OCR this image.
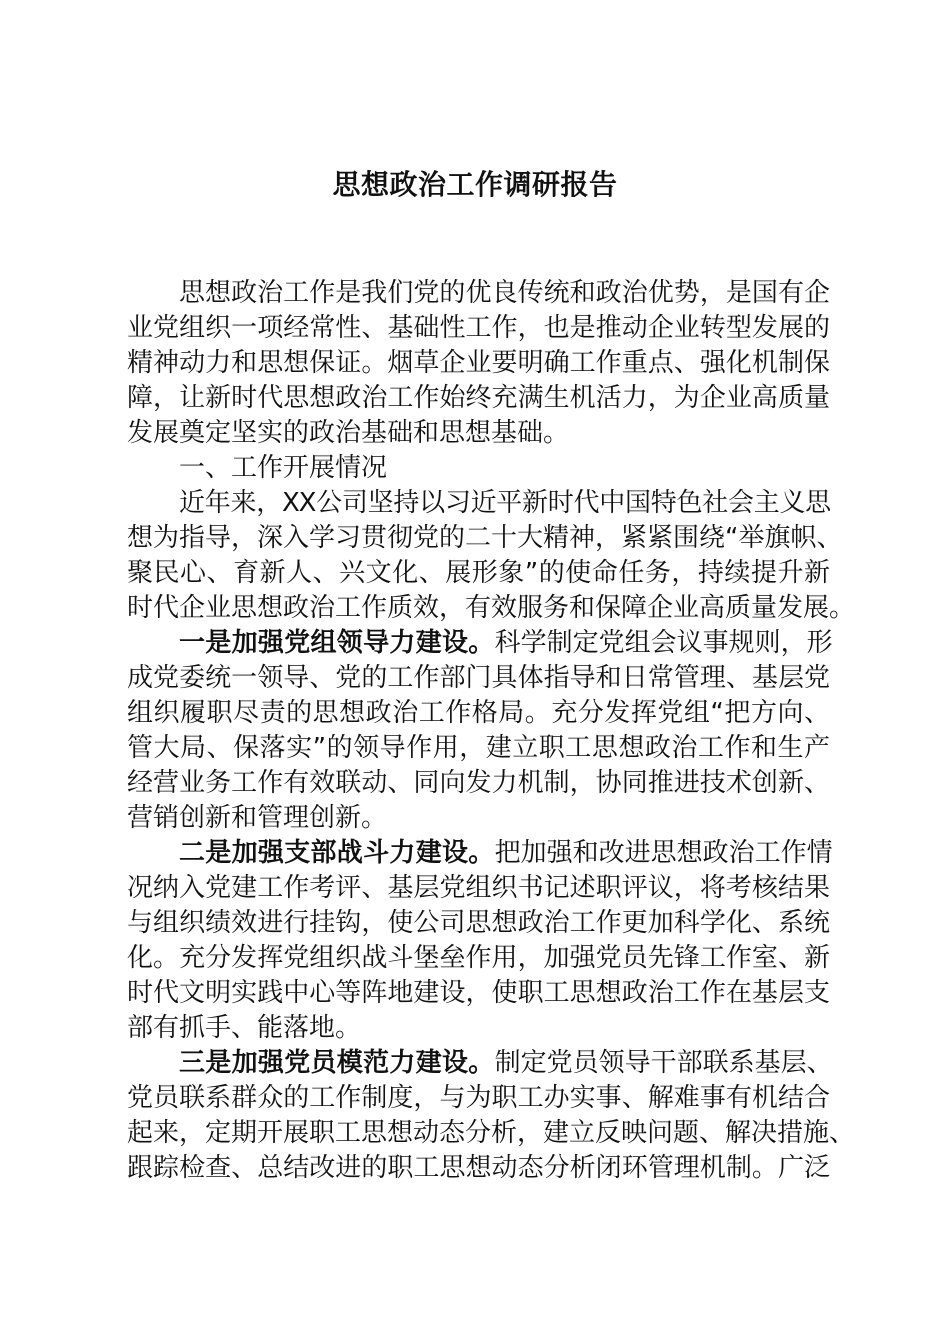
思想政治工作调研报告
思想政治工作是我们党的优良传统和政治优势，是国有企
业党组织一项经常性、基础性工作，也是推动企业转型发展的
精神动力和思想保证。烟草企业要明确工作重点、强化机制保
障，让新时代思想政治工作始终充满生机活力，为企业高质量
发展奠定坚实的政治基础和思想基础。
一、工作开展情况
近年来，XX公司坚持以习近平新时代中国特色社会主义思
想为指导，深入学习贯彻党的二十大精神，紧紧围绕“举旗帜、
聚民心、育新人、兴文化、展形象”的使命任务，持续提升新
时代企业思想政治工作质效，有效服务和保障企业高质量发展。
一是加强党组领导力建设。科学制定党组会议事规则，形
成党委统一领导、党的工作部门具体指导和日常管理、基层党
组织履职尽责的思想政治工作格局。充分发挥党组“把方向、
管大局、保落实”的领导作用，建立职工思想政治工作和生产
经营业务工作有效联动、同向发力机制，协同推进技术创新、
营销创新和管理创新。
二是加强支部战斗力建设。把加强和改进思想政治工作情
况纳入党建工作考评、基层党组织书记述职评议，将考核结果
与组织绩效进行挂钩，使公司思想政治工作更加科学化、系统
化。充分发挥党组织战斗堡垒作用，加强党员先锋工作室、新
时代文明实践中心等阵地建设，使职工思想政治工作在基层支
部有抓手、能落地。
三是加强党员模范力建设。制定党员领导干部联系基层、
党员联系群众的工作制度，与为职工办实事、解难事有机结合
起来，定期开展职工思想动态分析，建立反映问题、解决措施、
跟踪检查、总结改进的职工思想动态分析闭环管理机制。广泛
